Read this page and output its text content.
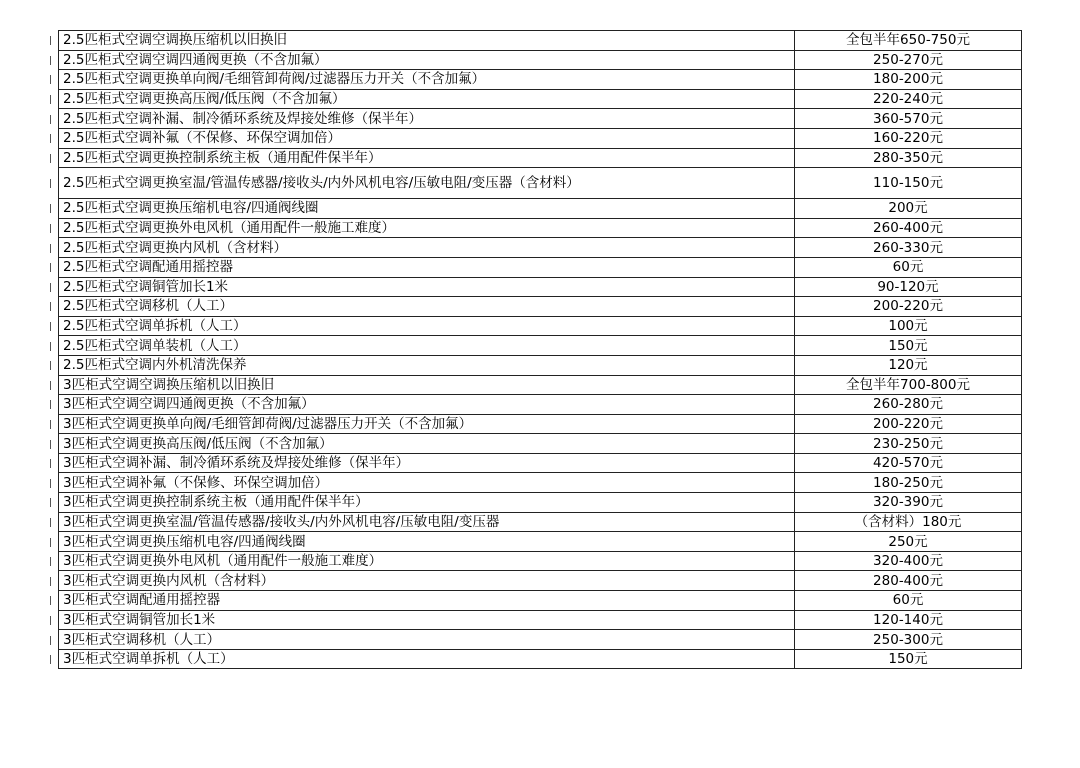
2.5匹柜式空调空调换压缩机以旧换旧	全包半年650-750元
2.5匹柜式空调空调四通阀更换（不含加氟）	250-270元
2.5匹柜式空调更换单向阀/毛细管卸荷阀/过滤器压力开关（不含加氟）	180-200元
2.5匹柜式空调更换高压阀/低压阀（不含加氟）	220-240元
2.5匹柜式空调补漏、制冷循环系统及焊接处维修（保半年）	360-570元
2.5匹柜式空调补氟（不保修、环保空调加倍）	160-220元
2.5匹柜式空调更换控制系统主板（通用配件保半年）	280-350元
2.5匹柜式空调更换室温/管温传感器/接收头/内外风机电容/压敏电阻/变压器（含材料）	110-150元
2.5匹柜式空调更换压缩机电容/四通阀线圈	200元
2.5匹柜式空调更换外电风机（通用配件一般施工难度）	260-400元
2.5匹柜式空调更换内风机（含材料）	260-330元
2.5匹柜式空调配通用摇控器	60元
2.5匹柜式空调铜管加长1米	90-120元
2.5匹柜式空调移机（人工）	200-220元
2.5匹柜式空调单拆机（人工）	100元
2.5匹柜式空调单装机（人工）	150元
2.5匹柜式空调内外机清洗保养	120元
3匹柜式空调空调换压缩机以旧换旧	全包半年700-800元
3匹柜式空调空调四通阀更换（不含加氟）	260-280元
3匹柜式空调更换单向阀/毛细管卸荷阀/过滤器压力开关（不含加氟）	200-220元
3匹柜式空调更换高压阀/低压阀（不含加氟）	230-250元
3匹柜式空调补漏、制冷循环系统及焊接处维修（保半年）	420-570元
3匹柜式空调补氟（不保修、环保空调加倍）	180-250元
3匹柜式空调更换控制系统主板（通用配件保半年）	320-390元
3匹柜式空调更换室温/管温传感器/接收头/内外风机电容/压敏电阻/变压器	（含材料）180元
3匹柜式空调更换压缩机电容/四通阀线圈	250元
3匹柜式空调更换外电风机（通用配件一般施工难度）	320-400元
3匹柜式空调更换内风机（含材料）	280-400元
3匹柜式空调配通用摇控器	60元
3匹柜式空调铜管加长1米	120-140元
3匹柜式空调移机（人工）	250-300元
3匹柜式空调单拆机（人工）	150元
